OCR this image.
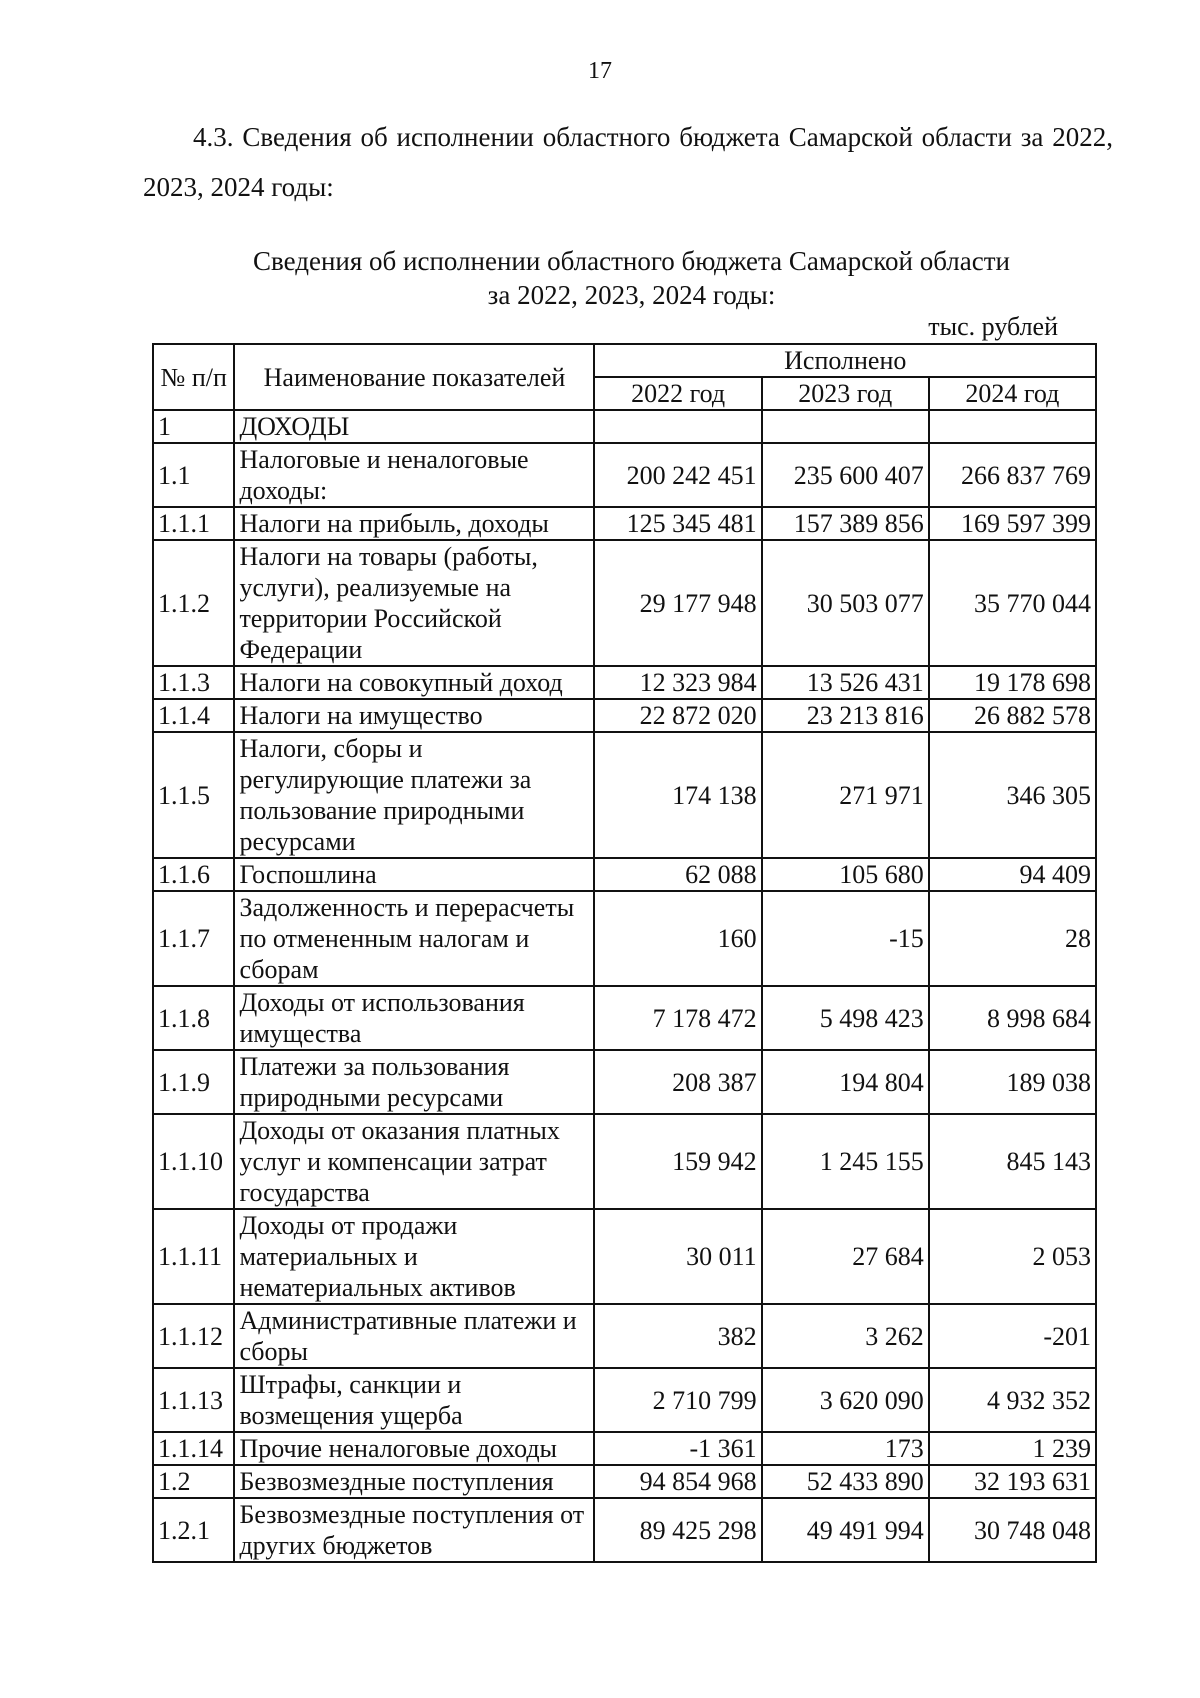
17

4.3. Сведения об исполнении областного бюджета Самарской области за 2022, 2023, 2024 годы:

Сведения об исполнении областного бюджета Самарской области
за 2022, 2023, 2024 годы:
тыс. рублей
№ п/п	Наименование показателей	Исполнено		
		2022 год	2023 год	2024 год
1	ДОХОДЫ			
1.1	Налоговые и неналоговые доходы:	200 242 451	235 600 407	266 837 769
1.1.1	Налоги на прибыль, доходы	125 345 481	157 389 856	169 597 399
1.1.2	Налоги на товары (работы, услуги), реализуемые на территории Российской Федерации	29 177 948	30 503 077	35 770 044
1.1.3	Налоги на совокупный доход	12 323 984	13 526 431	19 178 698
1.1.4	Налоги на имущество	22 872 020	23 213 816	26 882 578
1.1.5	Налоги, сборы и регулирующие платежи за пользование природными ресурсами	174 138	271 971	346 305
1.1.6	Госпошлина	62 088	105 680	94 409
1.1.7	Задолженность и перерасчеты по отмененным налогам и сборам	160	-15	28
1.1.8	Доходы от использования имущества	7 178 472	5 498 423	8 998 684
1.1.9	Платежи за пользования природными ресурсами	208 387	194 804	189 038
1.1.10	Доходы от оказания платных услуг и компенсации затрат государства	159 942	1 245 155	845 143
1.1.11	Доходы от продажи материальных и нематериальных активов	30 011	27 684	2 053
1.1.12	Административные платежи и сборы	382	3 262	-201
1.1.13	Штрафы, санкции и возмещения ущерба	2 710 799	3 620 090	4 932 352
1.1.14	Прочие неналоговые доходы	-1 361	173	1 239
1.2	Безвозмездные поступления	94 854 968	52 433 890	32 193 631
1.2.1	Безвозмездные поступления от других бюджетов	89 425 298	49 491 994	30 748 048
